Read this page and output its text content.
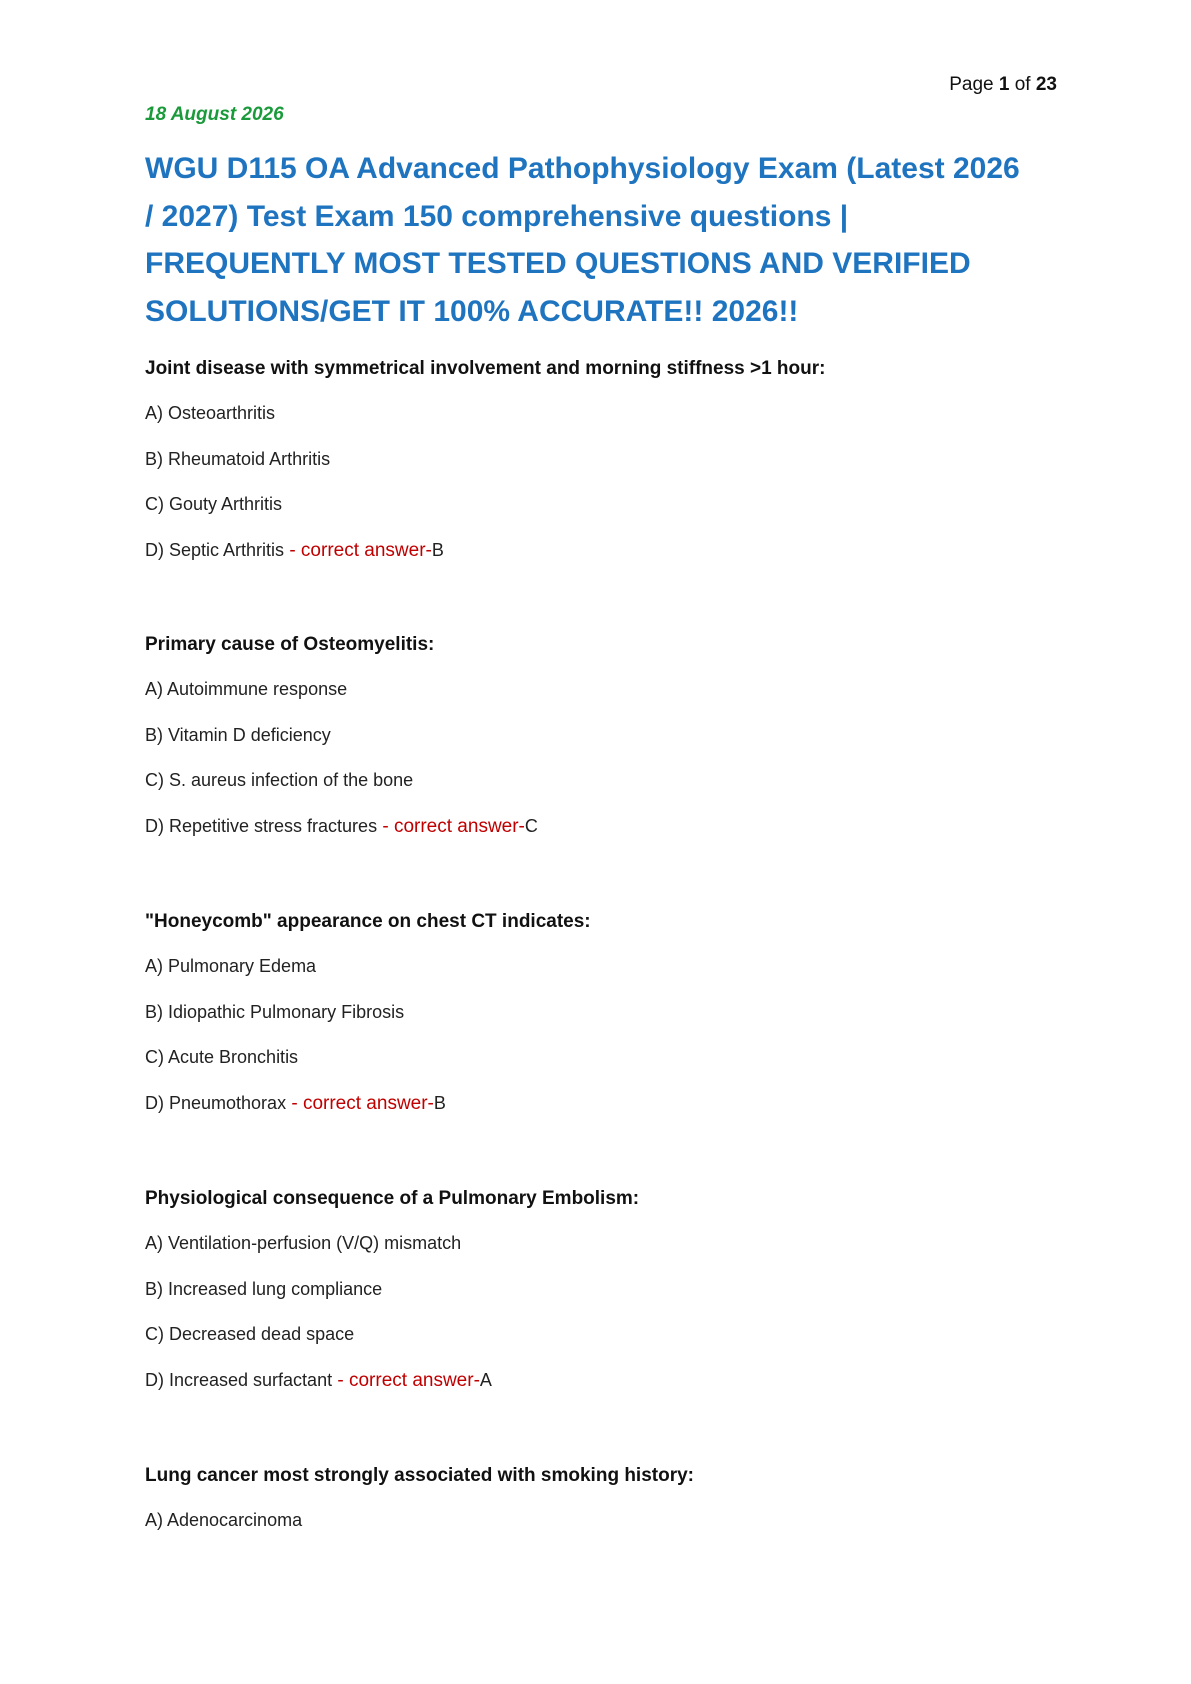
Page 1 of 23
18 August 2026
WGU D115 OA Advanced Pathophysiology Exam (Latest 2026 / 2027) Test Exam 150 comprehensive questions | FREQUENTLY MOST TESTED QUESTIONS AND VERIFIED SOLUTIONS/GET IT 100% ACCURATE!! 2026!!
Joint disease with symmetrical involvement and morning stiffness >1 hour:
A) Osteoarthritis
B) Rheumatoid Arthritis
C) Gouty Arthritis
D) Septic Arthritis - correct answer-B
Primary cause of Osteomyelitis:
A) Autoimmune response
B) Vitamin D deficiency
C) S. aureus infection of the bone
D) Repetitive stress fractures - correct answer-C
"Honeycomb" appearance on chest CT indicates:
A) Pulmonary Edema
B) Idiopathic Pulmonary Fibrosis
C) Acute Bronchitis
D) Pneumothorax - correct answer-B
Physiological consequence of a Pulmonary Embolism:
A) Ventilation-perfusion (V/Q) mismatch
B) Increased lung compliance
C) Decreased dead space
D) Increased surfactant - correct answer-A
Lung cancer most strongly associated with smoking history:
A) Adenocarcinoma
